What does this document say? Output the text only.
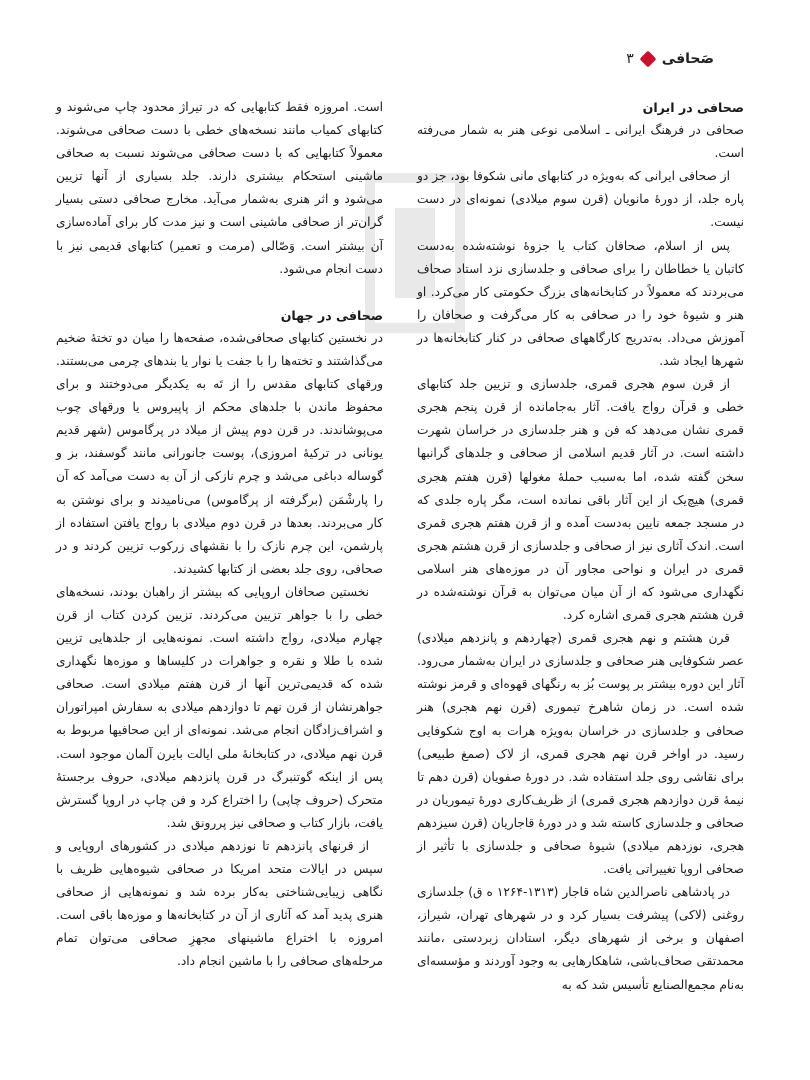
صَحافی
۳
صحافی در ایران

صحافی در فرهنگ ایرانی ـ اسلامی نوعی هنر به شمار می‌رفته است.

از صحافی ایرانی که به‌ویژه در کتابهای مانی شکوفا بود، جز دو پاره جلد، از دورهٔ مانویان (قرن سوم میلادی) نمونه‌ای در دست نیست.

پس از اسلام، صحافان کتاب یا جزوهٔ نوشته‌شده به‌دست کاتبان یا خطاطان را برای صحافی و جلدسازی نزد استاد صحاف می‌بردند که معمولاً در کتابخانه‌های بزرگ حکومتی کار می‌کرد. او هنر و شیوهٔ خود را در صحافی به کار می‌گرفت و صحافان را آموزش می‌داد. به‌تدریج کارگاههای صحافی در کنار کتابخانه‌ها در شهرها ایجاد شد.

از قرن سوم هجری قمری، جلدسازی و تزیین جلد کتابهای خطی و قرآن رواج یافت. آثار به‌جامانده از قرن پنجم هجری قمری نشان می‌دهد که فن و هنر جلدسازی در خراسان شهرت داشته است. در آثار قدیم اسلامی از صحافی و جلدهای گرانبها سخن گفته شده، اما به‌سبب حملهٔ مغولها (قرن هفتم هجری قمری) هیچ‌یک از این آثار باقی نمانده است، مگر پاره جلدی که در مسجد جمعه نایین به‌دست آمده و از قرن هفتم هجری قمری است. اندک آثاری نیز از صحافی و جلدسازی از قرن هشتم هجری قمری در ایران و نواحی مجاور آن در موزه‌های هنر اسلامی نگهداری می‌شود که از آن میان می‌توان به قرآن نوشته‌شده در قرن هشتم هجری قمری اشاره کرد.

قرن هشتم و نهم هجری قمری (چهاردهم و پانزدهم میلادی) عصر شکوفایی هنر صحافی و جلدسازی در ایران به‌شمار می‌رود. آثار این دوره بیشتر بر پوست بُز به رنگهای قهوه‌ای و قرمز نوشته شده است. در زمان شاهرخ تیموری (قرن نهم هجری) هنر صحافی و جلدسازی در خراسان به‌ویژه هرات به اوج شکوفایی رسید. در اواخر قرن نهم هجری قمری، از لاک (صمغ طبیعی) برای نقاشی روی جلد استفاده شد. در دورهٔ صفویان (قرن دهم تا نیمهٔ قرن دوازدهم هجری قمری) از ظریف‌کاری دورهٔ تیموریان در صحافی و جلدسازی کاسته شد و در دورهٔ قاجاریان (قرن سیزدهم هجری، نوزدهم میلادی) شیوهٔ صحافی و جلدسازی با تأثیر از صحافی اروپا تغییراتی یافت.

در پادشاهی ناصرالدین شاه قاجار (۱۳۱۳-۱۲۶۴ ه ق) جلدسازی روغنی (لاکی) پیشرفت بسیار کرد و در شهرهای تهران، شیراز، اصفهان و برخی از شهرهای دیگر، استادان زبردستی ،مانند محمدتقی صحاف‌باشی، شاهکارهایی به وجود آوردند و مؤسسه‌ای به‌نام مجمع‌الصنایع تأسیس شد که به

است. امروزه فقط کتابهایی که در تیراژ محدود چاپ می‌شوند و کتابهای کمیاب مانند نسخه‌های خطی با دست صحافی می‌شوند. معمولاً کتابهایی که با دست صحافی می‌شوند نسبت به صحافی ماشینی استحکام بیشتری دارند. جلد بسیاری از آنها تزیین می‌شود و اثر هنری به‌شمار می‌آید. مخارج صحافی دستی بسیار گران‌تر از صحافی ماشینی است و نیز مدت کار برای آماده‌سازی آن بیشتر است. وَصّالی (مرمت و تعمیر) کتابهای قدیمی نیز با دست انجام می‌شود.

صحافی در جهان

در نخستین کتابهای صحافی‌شده، صفحه‌ها را میان دو تختهٔ ضخیم می‌گذاشتند و تخته‌ها را با جفت یا نوار یا بندهای چرمی می‌بستند. ورقهای کتابهای مقدس را از تَه به یکدیگر می‌دوختند و برای محفوظ ماندن با جلدهای محکم از پاپیروس یا ورقهای چوب می‌پوشاندند. در قرن دوم پیش از میلاد در پرگاموس (شهر قدیم یونانی در ترکیهٔ امروزی)، پوست جانورانی مانند گوسفند، بز و گوساله دباغی می‌شد و چرم نازکی از آن به دست می‌آمد که آن را پارشْمَن (برگرفته از پرگاموس) می‌نامیدند و برای نوشتن به کار می‌بردند. بعدها در قرن دوم میلادی با رواج یافتن استفاده از پارشمن، این چرم نازک را با نقشهای زرکوب تزیین کردند و در صحافی، روی جلد بعضی از کتابها کشیدند.

نخستین صحافان اروپایی که بیشتر از راهبان بودند، نسخه‌های خطی را با جواهر تزیین می‌کردند. تزیین کردن کتاب از قرن چهارم میلادی، رواج داشته است. نمونه‌هایی از جلدهایی تزیین شده با طلا و نقره و جواهرات در کلیساها و موزه‌ها نگهداری شده که قدیمی‌ترین آنها از قرن هفتم میلادی است. صحافی جواهرنشان از قرن نهم تا دوازدهم میلادی به سفارش امپراتوران و اشراف‌زادگان انجام می‌شد. نمونه‌ای از این صحافیها مربوط به قرن نهم میلادی، در کتابخانهٔ ملی ایالت بایرن آلمان موجود است. پس از اینکه گوتنبرگ در قرن پانزدهم میلادی، حروف برجستهٔ متحرک (حروف چاپی) را اختراع کرد و فن چاپ در اروپا گسترش یافت، بازار کتاب و صحافی نیز پررونق شد.

از قرنهای پانزدهم تا نوزدهم میلادی در کشورهای اروپایی و سپس در ایالات متحد امریکا در صحافی شیوه‌هایی ظریف با نگاهی زیبایی‌شناختی به‌کار برده شد و نمونه‌هایی از صحافی هنری پدید آمد که آثاری از آن در کتابخانه‌ها و موزه‌ها باقی است. امروزه با اختراع ماشینهای مجهزِ صحافی می‌توان تمام مرحله‌های صحافی را با ماشین انجام داد.
